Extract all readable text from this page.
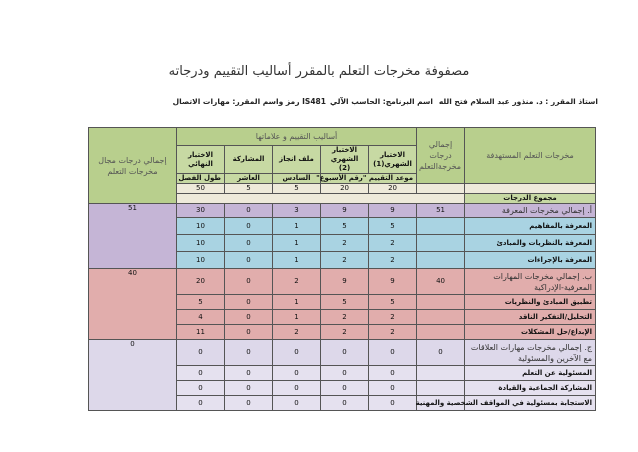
مصفوفة مخرجات التعلم بالمقرر أساليب التقييم ودرجاته
استاذ المقرر : د. منذور عبد السلام فتح الله
اسم البرنامج: الحاسب الآلي
رمز واسم المقرر: مهارات الاتصال IS481
مخرجات التعلم المستهدفة	إجمالي درجات مخرجةالتعلم	أساليب التقييم و علاماتها					إجمالي درجات مجال مخرجات التعلم	
		الاختبار الشهري(1)	الاختبار الشهري (2)	ملف انجاز	المشاركة	الاختبار النهائي		
		موعد التقييم "رقم الأسبوع"		السادس	العاشر	طول الفصل		
		20	20	5	5	50		
مجموع الدرجات								
أ. إجمالي مخرجات المعرفة	51	9	9	3	0	30	51	
المعرفة بالمفاهيم		5	5	1	0	10		
المعرفة بالنظريات والمبادئ		2	2	1	0	10		
المعرفة بالإجراءات		2	2	1	0	10		
ب. إجمالي مخرجات المهارات المعرفية-الإدراكية	40	9	9	2	0	20	40	
تطبيق المبادئ والنظريات		5	5	1	0	5		
التحليل/التفكير الناقد		2	2	1	0	4		
الإبداع/حل المشكلات		2	2	2	0	11		
ج. إجمالي مخرجات مهارات العلاقات مع الآخرين والمسئولية	0	0	0	0	0	0	0	
المسئولية عن التعلم		0	0	0	0	0		
المشاركة الجماعية والقيادة		0	0	0	0	0		
الاستجابة بمسئولية في المواقف الشخصية والمهنية		0	0	0	0	0		
